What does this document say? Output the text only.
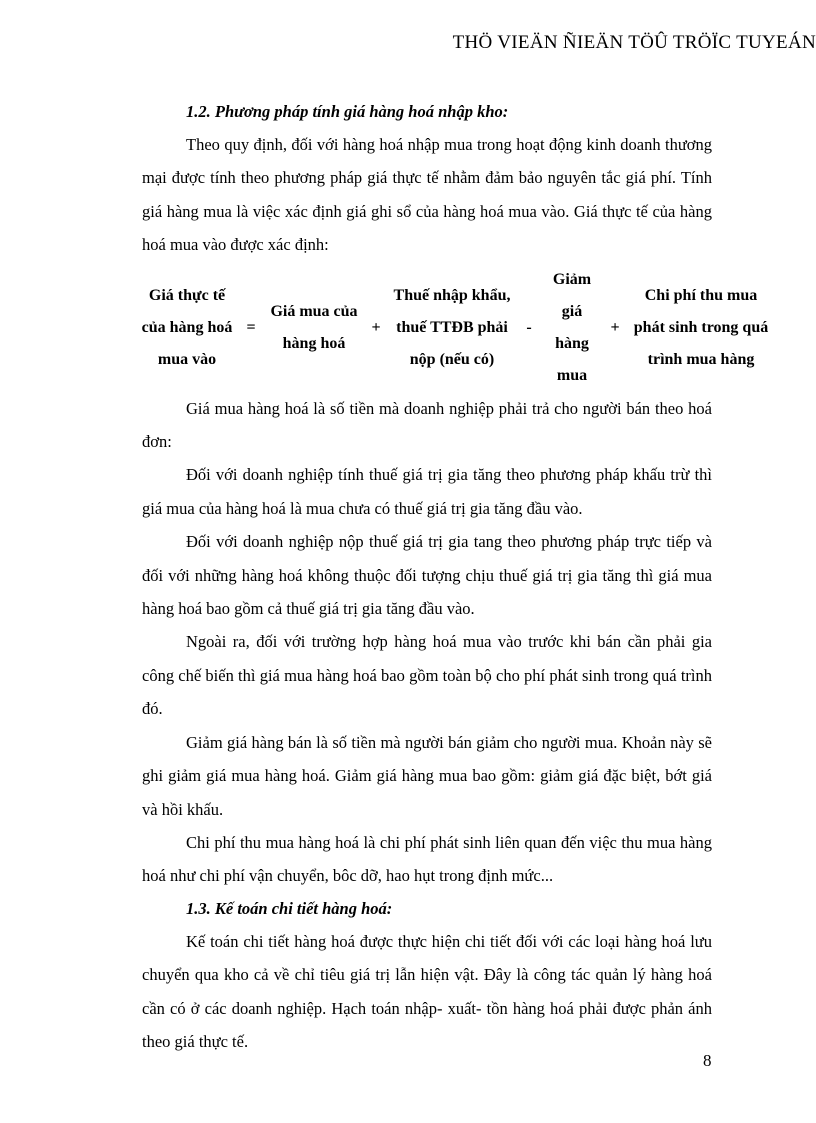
THÖ VIEÄN ÑIEÄN TÖÛ TRÖÏC TUYEÁN
1.2. Phương pháp tính giá hàng hoá nhập kho:

Theo quy định, đối với hàng hoá nhập mua trong hoạt động kinh doanh thương mại được tính theo phương pháp giá thực tế nhằm đảm bảo nguyên tắc giá phí. Tính giá hàng mua là việc xác định giá ghi sổ của hàng hoá mua vào. Giá thực tế của hàng hoá mua vào được xác định:

Giá thực tế của hàng hoá mua vào
=
Giá mua của hàng hoá
+
Thuế nhập khẩu, thuế TTĐB phải nộp (nếu có)
-
Giảm giá hàng mua
+
Chi phí thu mua phát sinh trong quá trình mua hàng

Giá mua hàng hoá là số tiền mà doanh nghiệp phải trả cho người bán theo hoá đơn:

Đối với doanh nghiệp tính thuế giá trị gia tăng theo phương pháp khấu trừ thì giá mua của hàng hoá là mua chưa có thuế giá trị gia tăng đầu vào.

Đối với doanh nghiệp nộp thuế giá trị gia tang theo phương pháp trực tiếp và đối với những hàng hoá không thuộc đối tượng chịu thuế giá trị gia tăng thì giá mua hàng hoá bao gồm cả thuế giá trị gia tăng đầu vào.

Ngoài ra, đối với trường hợp hàng hoá mua vào trước khi bán cần phải gia công chế biến thì giá mua hàng hoá bao gồm toàn bộ cho phí phát sinh trong quá trình đó.

Giảm giá hàng bán là số tiền mà người bán giảm cho người mua. Khoản này sẽ ghi giảm giá mua hàng hoá. Giảm giá hàng mua bao gồm: giảm giá đặc biệt, bớt giá và hồi khấu.

Chi phí thu mua hàng hoá là chi phí phát sinh liên quan đến việc thu mua hàng hoá như chi phí vận chuyển, bôc dỡ, hao hụt trong định mức...

1.3. Kế toán chi tiết hàng hoá:

Kế toán chi tiết hàng hoá được thực hiện chi tiết đối với các loại hàng hoá lưu chuyển qua kho cả về chỉ tiêu giá trị lẫn hiện vật. Đây là công tác quản lý hàng hoá cần có ở các doanh nghiệp. Hạch toán nhập- xuất- tồn hàng hoá phải được phản ánh theo giá thực tế.

8
